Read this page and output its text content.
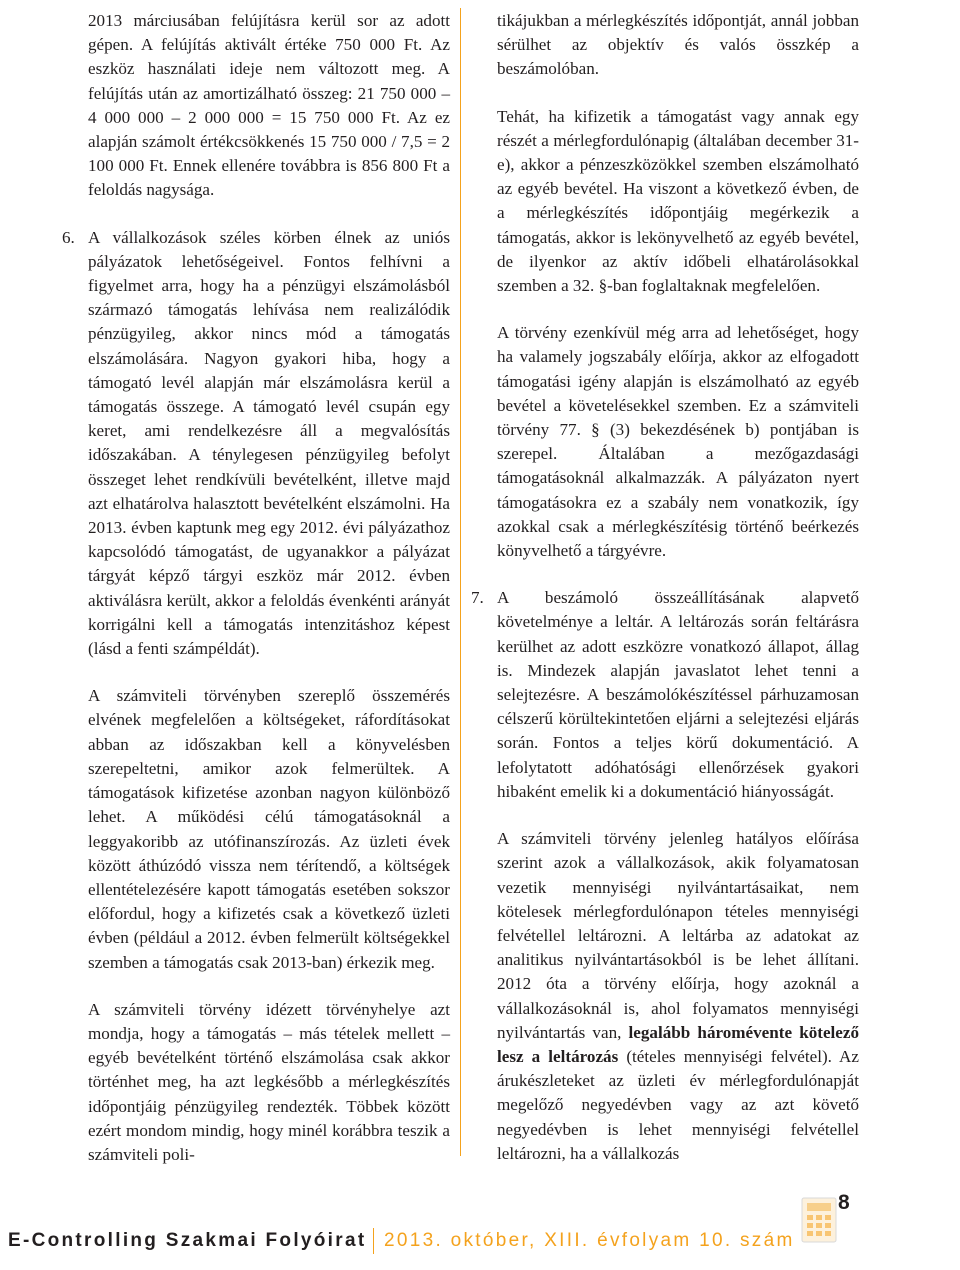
2013 márciusában felújításra kerül sor az adott gépen. A felújítás aktivált értéke 750 000 Ft. Az eszköz használati ideje nem változott meg. A felújítás után az amortizálható összeg: 21 750 000 – 4 000 000 – 2 000 000 = 15 750 000 Ft. Az ez alapján számolt értékcsökkenés 15 750 000 / 7,5 = 2 100 000 Ft. Ennek ellenére továbbra is 856 800 Ft a feloldás nagysága.

6. A vállalkozások széles körben élnek az uniós pályázatok lehetőségeivel. Fontos felhívni a figyelmet arra, hogy ha a pénzügyi elszámolásból származó támogatás lehívása nem realizálódik pénzügyileg, akkor nincs mód a támogatás elszámolására. Nagyon gyakori hiba, hogy a támogató levél alapján már elszámolásra kerül a támogatás összege. A támogató levél csupán egy keret, ami rendelkezésre áll a megvalósítás időszakában. A ténylegesen pénzügyileg befolyt összeget lehet rendkívüli bevételként, illetve majd azt elhatárolva halasztott bevételként elszámolni. Ha 2013. évben kaptunk meg egy 2012. évi pályázathoz kapcsolódó támogatást, de ugyanakkor a pályázat tárgyát képző tárgyi eszköz már 2012. évben aktiválásra került, akkor a feloldás évenkénti arányát korrigálni kell a támogatás intenzitáshoz képest (lásd a fenti számpéldát).

A számviteli törvényben szereplő összemérés elvének megfelelően a költségeket, ráfordításokat abban az időszakban kell a könyvelésben szerepeltetni, amikor azok felmerültek. A támogatások kifizetése azonban nagyon különböző lehet. A működési célú támogatásoknál a leggyakoribb az utófinanszírozás. Az üzleti évek között áthúzódó vissza nem térítendő, a költségek ellentételezésére kapott támogatás esetében sokszor előfordul, hogy a kifizetés csak a következő üzleti évben (például a 2012. évben felmerült költségekkel szemben a támogatás csak 2013-ban) érkezik meg.

A számviteli törvény idézett törvényhelye azt mondja, hogy a támogatás – más tételek mellett – egyéb bevételként történő elszámolása csak akkor történhet meg, ha azt legkésőbb a mérlegkészítés időpontjáig pénzügyileg rendezték. Többek között ezért mondom mindig, hogy minél korábbra teszik a számviteli poli-

tikájukban a mérlegkészítés időpontját, annál jobban sérülhet az objektív és valós összkép a beszámolóban.

Tehát, ha kifizetik a támogatást vagy annak egy részét a mérlegfordulónapig (általában december 31-e), akkor a pénzeszközökkel szemben elszámolható az egyéb bevétel. Ha viszont a következő évben, de a mérlegkészítés időpontjáig megérkezik a támogatás, akkor is lekönyvelhető az egyéb bevétel, de ilyenkor az aktív időbeli elhatárolásokkal szemben a 32. §-ban foglaltaknak megfelelően.

A törvény ezenkívül még arra ad lehetőséget, hogy ha valamely jogszabály előírja, akkor az elfogadott támogatási igény alapján is elszámolható az egyéb bevétel a követelésekkel szemben. Ez a számviteli törvény 77. § (3) bekezdésének b) pontjában is szerepel. Általában a mezőgazdasági támogatásoknál alkalmazzák. A pályázaton nyert támogatásokra ez a szabály nem vonatkozik, így azokkal csak a mérlegkészítésig történő beérkezés könyvelhető a tárgyévre.

7. A beszámoló összeállításának alapvető követelménye a leltár. A leltározás során feltárásra kerülhet az adott eszközre vonatkozó állapot, állag is. Mindezek alapján javaslatot lehet tenni a selejtezésre. A beszámolókészítéssel párhuzamosan célszerű körültekintetően eljárni a selejtezési eljárás során. Fontos a teljes körű dokumentáció. A lefolytatott adóhatósági ellenőrzések gyakori hibaként emelik ki a dokumentáció hiányosságát.

A számviteli törvény jelenleg hatályos előírása szerint azok a vállalkozások, akik folyamatosan vezetik mennyiségi nyilvántartásaikat, nem kötelesek mérlegfordulónapon tételes mennyiségi felvétellel leltározni. A leltárba az adatokat az analitikus nyilvántartásokból is be lehet állítani. 2012 óta a törvény előírja, hogy azoknál a vállalkozásoknál is, ahol folyamatos mennyiségi nyilvántartás van, legalább háromévente kötelező lesz a leltározás (tételes mennyiségi felvétel). Az árukészleteket az üzleti év mérlegfordulónapját megelőző negyedévben vagy az azt követő negyedévben is lehet mennyiségi felvétellel leltározni, ha a vállalkozás

8
E-Controlling Szakmai Folyóirat 2013. október, XIII. évfolyam 10. szám
